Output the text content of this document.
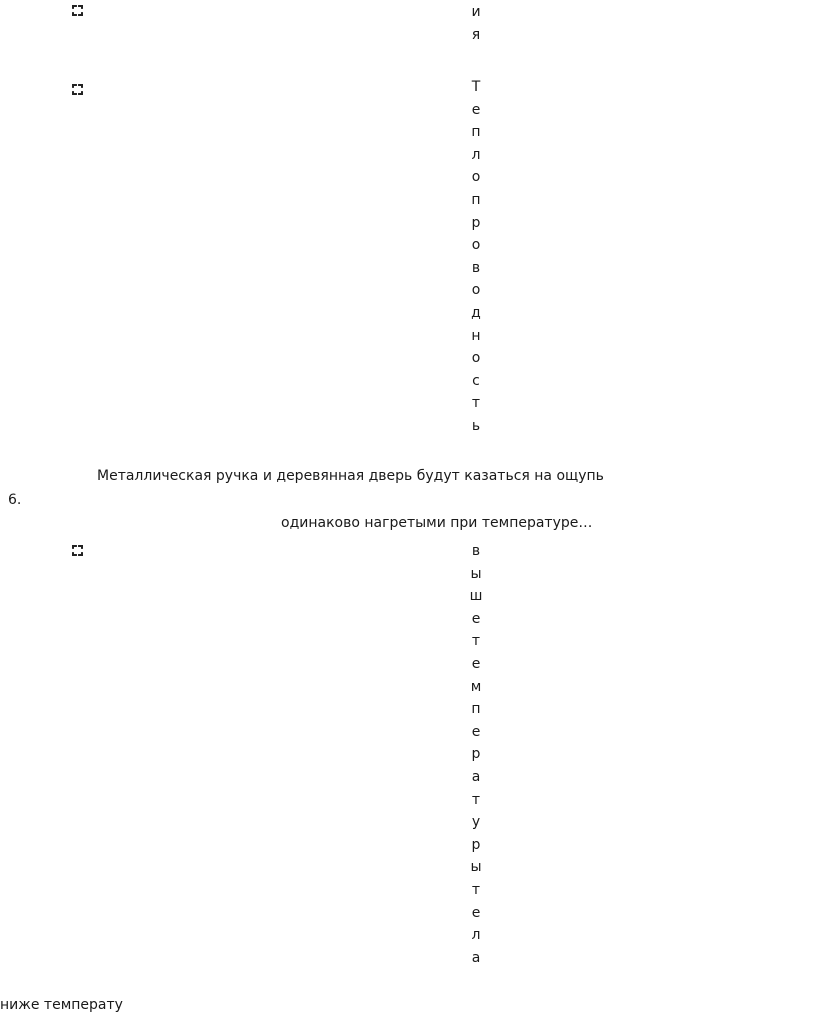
и
я
Т
е
п
л
о
п
р
о
в
о
д
н
о
с
т
ь
6.
Металлическая ручка и деревянная дверь будут казаться на ощупь
одинаково нагретыми при температуре…
в
ы
ш
е
т
е
м
п
е
р
а
т
у
р
ы
т
е
л
а
ниже температу
